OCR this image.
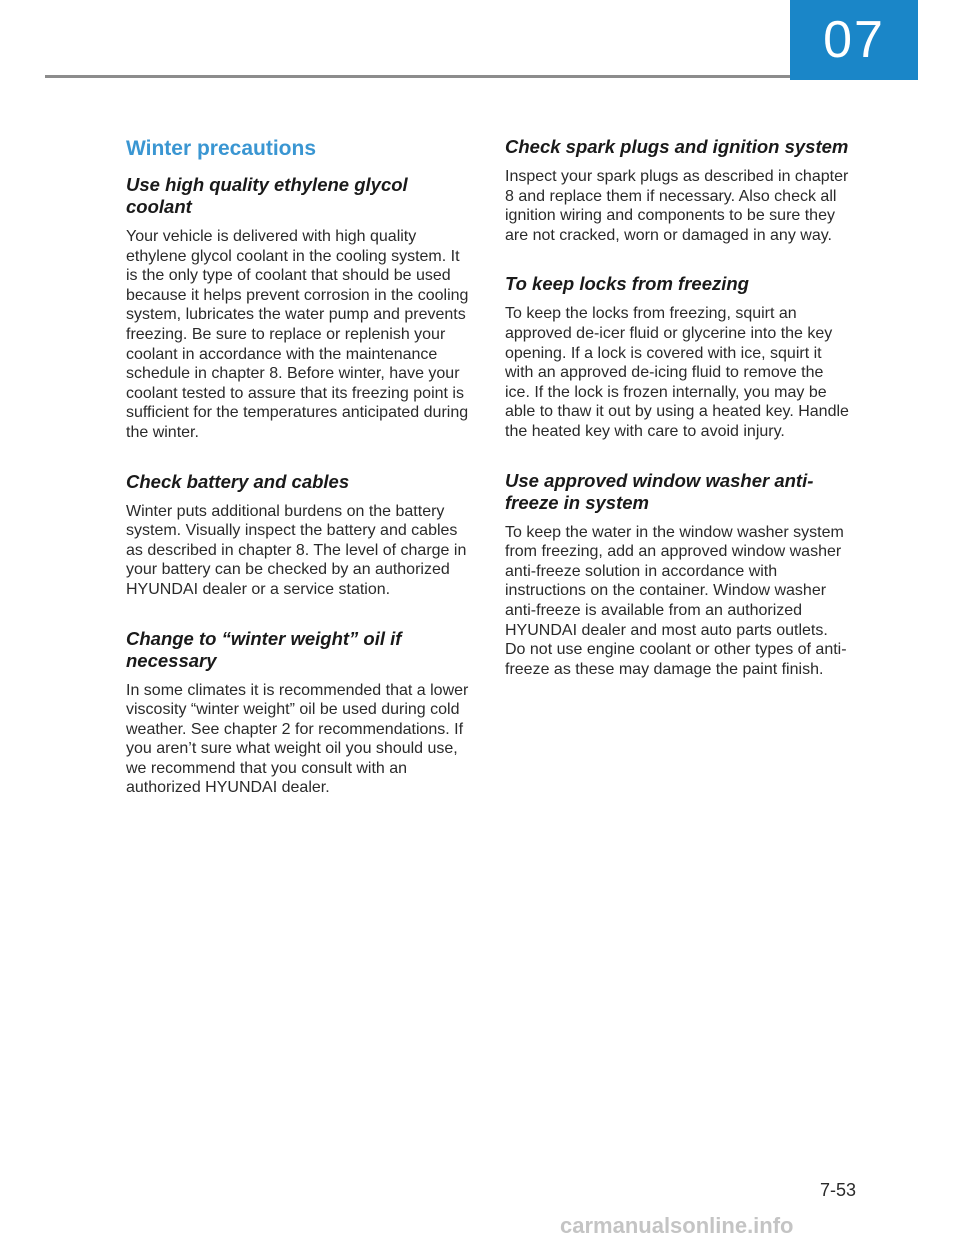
07
Winter precautions
Use high quality ethylene glycol coolant

Your vehicle is delivered with high quality ethylene glycol coolant in the cooling system. It is the only type of coolant that should be used because it helps prevent corrosion in the cooling system, lubricates the water pump and prevents freezing. Be sure to replace or replenish your coolant in accordance with the maintenance schedule in chapter 8. Before winter, have your coolant tested to assure that its freezing point is sufficient for the temperatures anticipated during the winter.

Check battery and cables

Winter puts additional burdens on the battery system. Visually inspect the battery and cables as described in chapter 8. The level of charge in your battery can be checked by an authorized HYUNDAI dealer or a service station.

Change to “winter weight” oil if necessary

In some climates it is recommended that a lower viscosity “winter weight” oil be used during cold weather. See chapter 2 for recommendations. If you aren’t sure what weight oil you should use, we recommend that you consult with an authorized HYUNDAI dealer.

Check spark plugs and ignition system

Inspect your spark plugs as described in chapter 8 and replace them if necessary. Also check all ignition wiring and components to be sure they are not cracked, worn or damaged in any way.

To keep locks from freezing

To keep the locks from freezing, squirt an approved de-icer fluid or glycerine into the key opening. If a lock is covered with ice, squirt it with an approved de-icing fluid to remove the ice. If the lock is frozen internally, you may be able to thaw it out by using a heated key. Handle the heated key with care to avoid injury.

Use approved window washer anti-freeze in system

To keep the water in the window washer system from freezing, add an approved window washer anti-freeze solution in accordance with instructions on the container. Window washer anti-freeze is available from an authorized HYUNDAI dealer and most auto parts outlets. Do not use engine coolant or other types of anti-freeze as these may damage the paint finish.

7-53
carmanualsonline.info
